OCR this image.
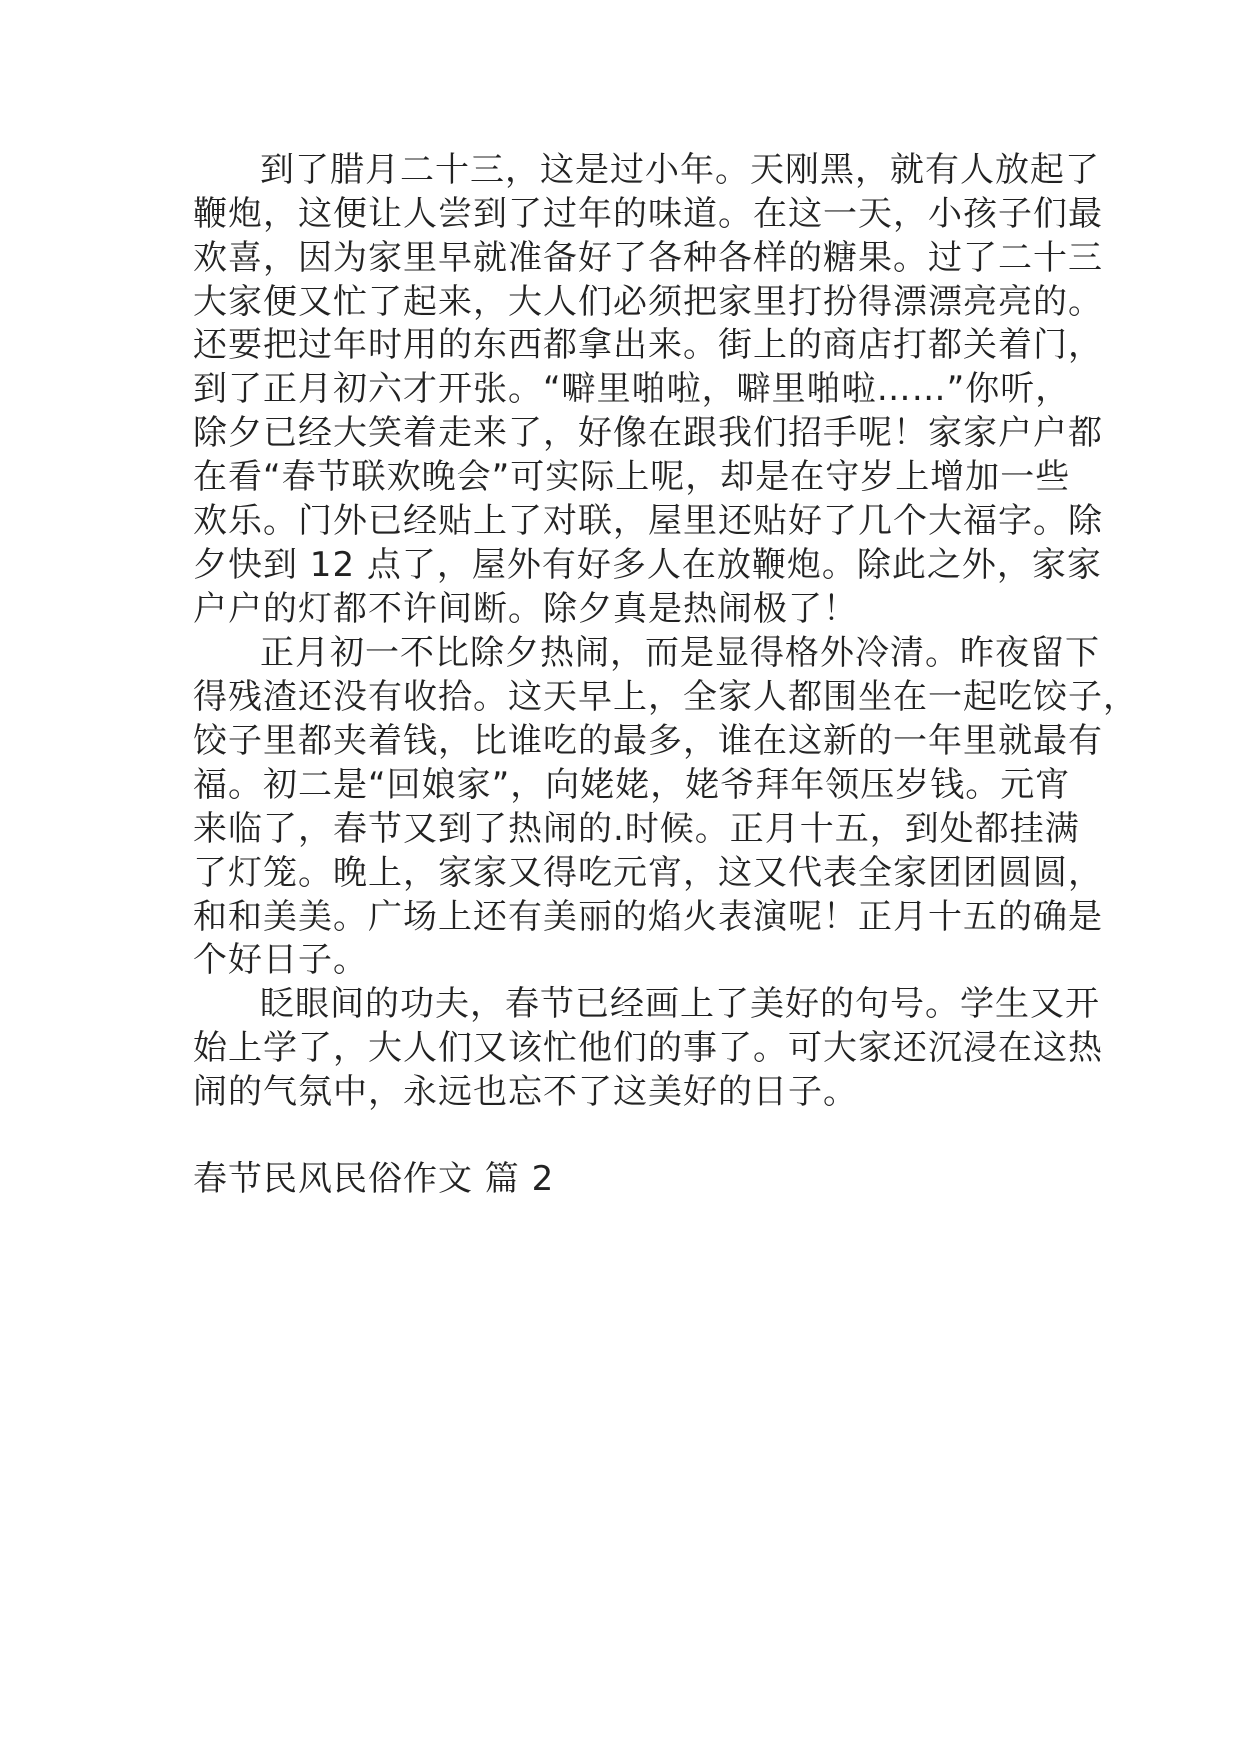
到了腊月二十三，这是过小年。天刚黑，就有人放起了

鞭炮，这便让人尝到了过年的味道。在这一天，小孩子们最

欢喜，因为家里早就准备好了各种各样的糖果。过了二十三

大家便又忙了起来，大人们必须把家里打扮得漂漂亮亮的。

还要把过年时用的东西都拿出来。街上的商店打都关着门，

到了正月初六才开张。“噼里啪啦，噼里啪啦……”你听，

除夕已经大笑着走来了，好像在跟我们招手呢！家家户户都

在看“春节联欢晚会”可实际上呢，却是在守岁上增加一些

欢乐。门外已经贴上了对联，屋里还贴好了几个大福字。除

夕快到 12 点了，屋外有好多人在放鞭炮。除此之外，家家

户户的灯都不许间断。除夕真是热闹极了！

正月初一不比除夕热闹，而是显得格外冷清。昨夜留下

得残渣还没有收拾。这天早上，全家人都围坐在一起吃饺子，

饺子里都夹着钱，比谁吃的最多，谁在这新的一年里就最有

福。初二是“回娘家”，向姥姥，姥爷拜年领压岁钱。元宵

来临了，春节又到了热闹的.时候。正月十五，到处都挂满

了灯笼。晚上，家家又得吃元宵，这又代表全家团团圆圆，

和和美美。广场上还有美丽的焰火表演呢！正月十五的确是

个好日子。

眨眼间的功夫，春节已经画上了美好的句号。学生又开

始上学了，大人们又该忙他们的事了。可大家还沉浸在这热

闹的气氛中，永远也忘不了这美好的日子。

春节民风民俗作文 篇 2
